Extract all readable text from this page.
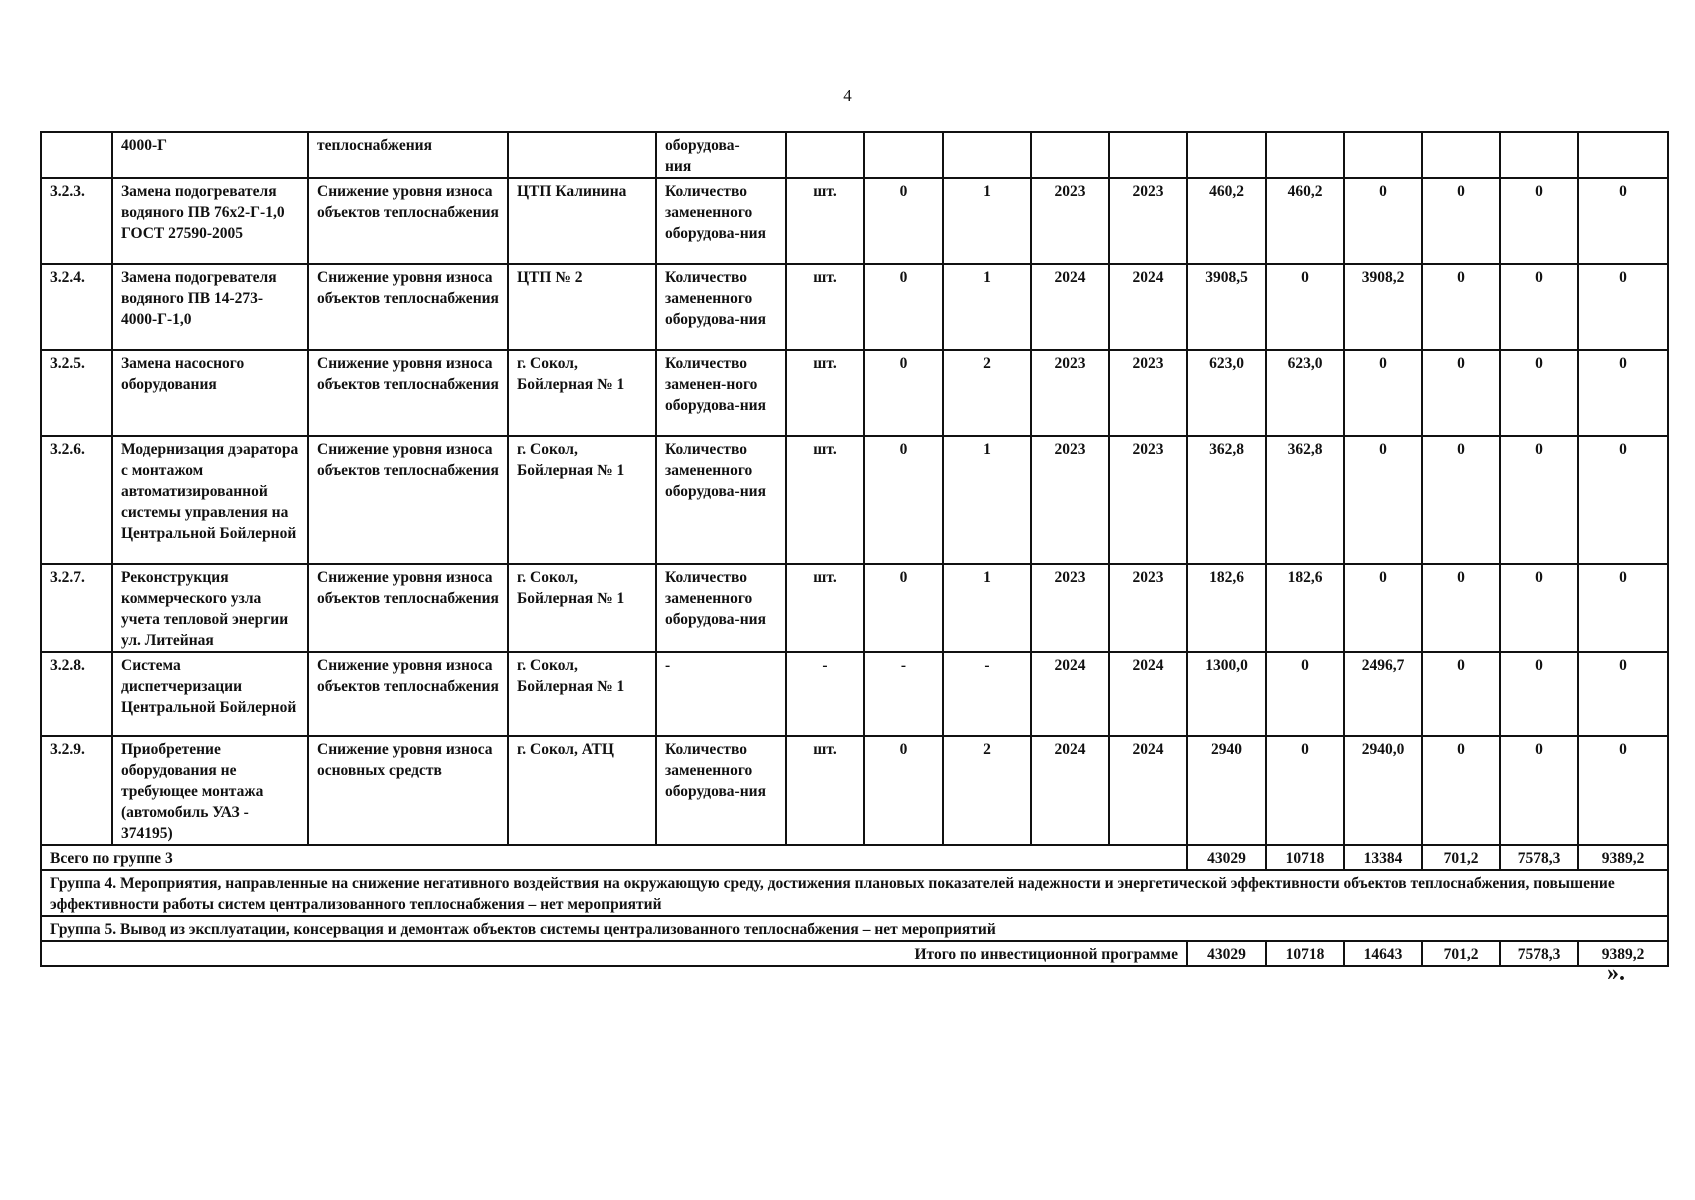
4
	4000-Г	теплоснабжения		оборудова-
ния											
3.2.3.	Замена подогревателя водяного ПВ 76х2-Г-1,0 ГОСТ 27590-2005	Снижение уровня износа объектов теплоснабжения	ЦТП Калинина	Количество замененного оборудова-ния	шт.	0	1	2023	2023	460,2	460,2	0	0	0	0
3.2.4.	Замена подогревателя водяного ПВ 14-273-4000-Г-1,0	Снижение уровня износа объектов теплоснабжения	ЦТП № 2	Количество замененного оборудова-ния	шт.	0	1	2024	2024	3908,5	0	3908,2	0	0	0
3.2.5.	Замена насосного оборудования	Снижение уровня износа объектов теплоснабжения	г. Сокол, Бойлерная № 1	Количество заменен-ного оборудова-ния	шт.	0	2	2023	2023	623,0	623,0	0	0	0	0
3.2.6.	Модернизация дэаратора с монтажом автоматизированной системы управления на Центральной Бойлерной	Снижение уровня износа объектов теплоснабжения	г. Сокол, Бойлерная № 1	Количество замененного оборудова-ния	шт.	0	1	2023	2023	362,8	362,8	0	0	0	0
3.2.7.	Реконструкция коммерческого узла учета тепловой энергии ул. Литейная	Снижение уровня износа объектов теплоснабжения	г. Сокол, Бойлерная № 1	Количество замененного оборудова-ния	шт.	0	1	2023	2023	182,6	182,6	0	0	0	0
3.2.8.	Система диспетчеризации Центральной Бойлерной	Снижение уровня износа объектов теплоснабжения	г. Сокол, Бойлерная № 1	-	-	-	-	2024	2024	1300,0	0	2496,7	0	0	0
3.2.9.	Приобретение оборудования не требующее монтажа (автомобиль УАЗ - 374195)	Снижение уровня износа основных средств	г. Сокол, АТЦ	Количество замененного оборудова-ния	шт.	0	2	2024	2024	2940	0	2940,0	0	0	0
Всего по группе 3										43029	10718	13384	701,2	7578,3	9389,2
Группа 4. Мероприятия, направленные на снижение негативного воздействия на окружающую среду, достижения плановых показателей надежности и энергетической эффективности объектов теплоснабжения, повышение эффективности работы систем централизованного теплоснабжения – нет мероприятий															
Группа 5. Вывод из эксплуатации, консервация и демонтаж объектов системы централизованного теплоснабжения – нет мероприятий															
Итого по инвестиционной программе										43029	10718	14643	701,2	7578,3	9389,2
».
